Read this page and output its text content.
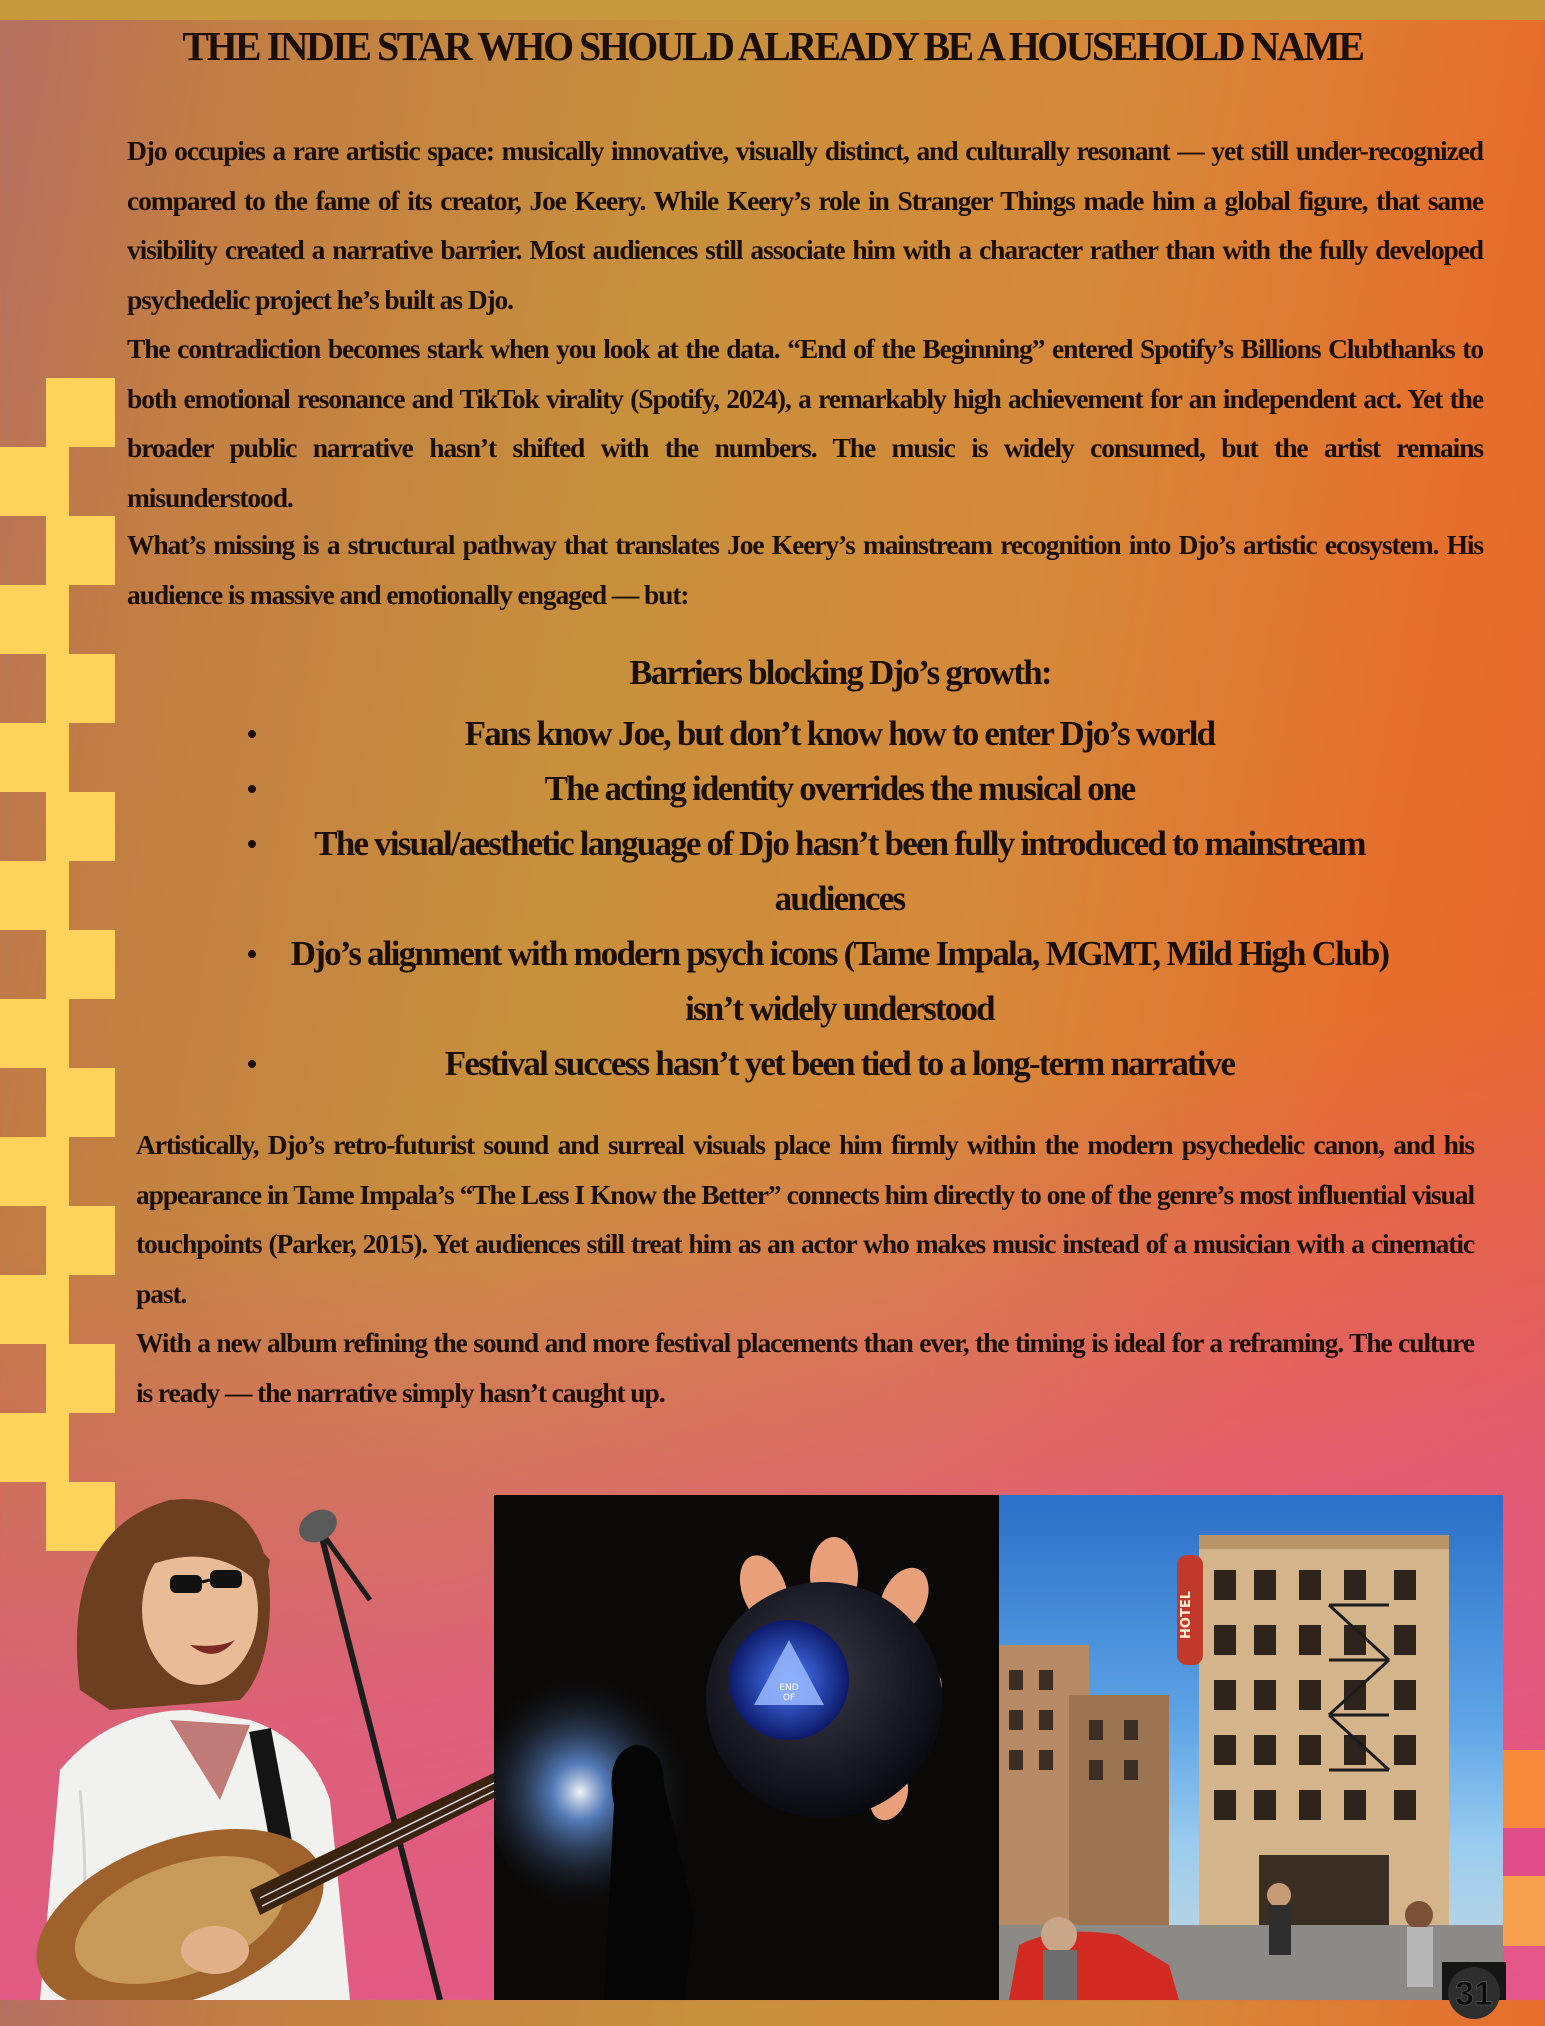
THE INDIE STAR WHO SHOULD ALREADY BE A HOUSEHOLD NAME

Djo occupies a rare artistic space: musically innovative, visually distinct, and culturally resonant — yet still under-recognized compared to the fame of its creator, Joe Keery. While Keery’s role in Stranger Things made him a global figure, that same visibility created a narrative barrier. Most audiences still associate him with a character rather than with the fully developed psychedelic project he’s built as Djo.

The contradiction becomes stark when you look at the data. “End of the Beginning” entered Spotify’s Billions Clubthanks to both emotional resonance and TikTok virality (Spotify, 2024), a remarkably high achievement for an independent act. Yet the broader public narrative hasn’t shifted with the numbers. The music is widely consumed, but the artist remains misunderstood.

What’s missing is a structural pathway that translates Joe Keery’s mainstream recognition into Djo’s artistic ecosystem. His audience is massive and emotionally engaged — but:

Barriers blocking Djo’s growth:
Fans know Joe, but don’t know how to enter Djo’s world
The acting identity overrides the musical one
The visual/aesthetic language of Djo hasn’t been fully introduced to mainstream audiences
Djo’s alignment with modern psych icons (Tame Impala, MGMT, Mild High Club) isn’t widely understood
Festival success hasn’t yet been tied to a long-term narrative

Artistically, Djo’s retro-futurist sound and surreal visuals place him firmly within the modern psychedelic canon, and his appearance in Tame Impala’s “The Less I Know the Better” connects him directly to one of the genre’s most influential visual touchpoints (Parker, 2015). Yet audiences still treat him as an actor who makes music instead of a musician with a cinematic past.

With a new album refining the sound and more festival placements than ever, the timing is ideal for a reframing. The culture is ready — the narrative simply hasn’t caught up.

END
OF
HOTEL
31
